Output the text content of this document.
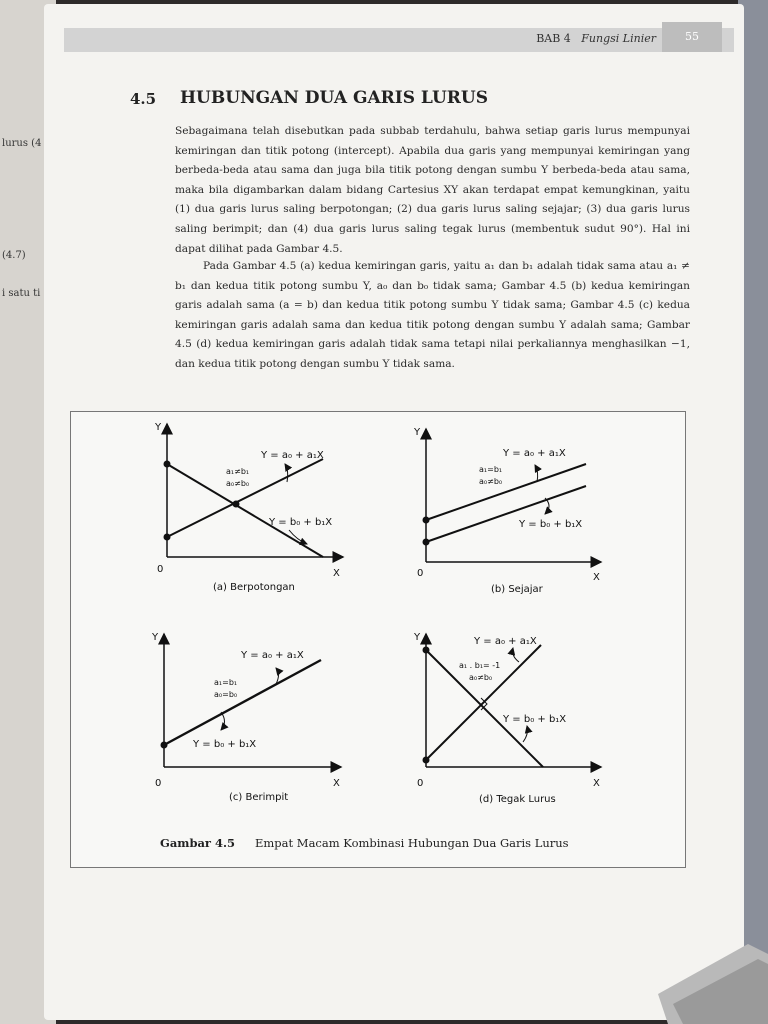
lurus (4
(4.7)
i satu ti
BAB 4 Fungsi Linier	55
4.5 HUBUNGAN DUA GARIS LURUS
Sebagaimana telah disebutkan pada subbab terdahulu, bahwa setiap garis lurus mempunyai kemiringan dan titik potong (intercept). Apabila dua garis yang mempunyai kemiringan yang berbeda-beda atau sama dan juga bila titik potong dengan sumbu Y berbeda-beda atau sama, maka bila digambarkan dalam bidang Cartesius XY akan terdapat empat kemungkinan, yaitu (1) dua garis lurus saling berpotongan; (2) dua garis lurus saling sejajar; (3) dua garis lurus saling berimpit; dan (4) dua garis lurus saling tegak lurus (membentuk sudut 90°). Hal ini dapat dilihat pada Gambar 4.5.
Pada Gambar 4.5 (a) kedua kemiringan garis, yaitu a₁ dan b₁ adalah tidak sama atau a₁ ≠ b₁ dan kedua titik potong sumbu Y, a₀ dan b₀ tidak sama; Gambar 4.5 (b) kedua kemiringan garis adalah sama (a = b) dan kedua titik potong sumbu Y tidak sama; Gambar 4.5 (c) kedua kemiringan garis adalah sama dan kedua titik potong dengan sumbu Y adalah sama; Gambar 4.5 (d) kedua kemiringan garis adalah tidak sama tetapi nilai perkaliannya menghasilkan −1, dan kedua titik potong dengan sumbu Y tidak sama.
Y
X
0
Y = a₀ + a₁X
a₁≠b₁
a₀≠b₀
Y = b₀ + b₁X
(a) Berpotongan
Y
X
0
Y = a₀ + a₁X
a₁=b₁
a₀≠b₀
Y = b₀ + b₁X
(b) Sejajar
Y
X
0
Y = a₀ + a₁X
a₁=b₁
a₀=b₀
Y = b₀ + b₁X
(c) Berimpit
Y
X
0
Y = a₀ + a₁X
a₁ . b₁= -1
a₀≠b₀
Y = b₀ + b₁X
(d) Tegak Lurus
Gambar 4.5 Empat Macam Kombinasi Hubungan Dua Garis Lurus
